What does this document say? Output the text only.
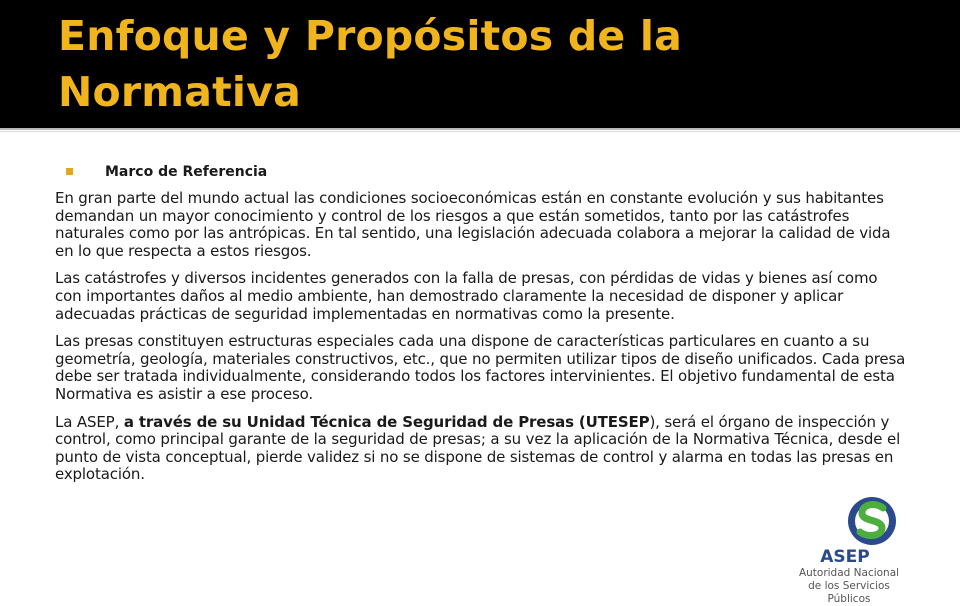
Enfoque y Propósitos de la Normativa
Marco de Referencia

En gran parte del mundo actual las condiciones socioeconómicas están en constante evolución y sus habitantes demandan un mayor conocimiento y control de los riesgos a que están sometidos, tanto por las catástrofes naturales como por las antrópicas. En tal sentido, una legislación adecuada colabora a mejorar la calidad de vida en lo que respecta a estos riesgos.

Las catástrofes y diversos incidentes generados con la falla de presas, con pérdidas de vidas y bienes así como con importantes daños al medio ambiente, han demostrado claramente la necesidad de disponer y aplicar adecuadas prácticas de seguridad implementadas en normativas como la presente.

Las presas constituyen estructuras especiales cada una dispone de características particulares en cuanto a su geometría, geología, materiales constructivos, etc., que no permiten utilizar tipos de diseño unificados. Cada presa debe ser tratada individualmente, considerando todos los factores intervinientes. El objetivo fundamental de esta Normativa es asistir a ese proceso.

La ASEP, a través de su Unidad Técnica de Seguridad de Presas (UTESEP), será el órgano de inspección y control, como principal garante de la seguridad de presas; a su vez la aplicación de la Normativa Técnica, desde el punto de vista conceptual, pierde validez si no se dispone de sistemas de control y alarma en todas las presas en explotación.

ASEP
Autoridad Nacional
de los Servicios Públicos
